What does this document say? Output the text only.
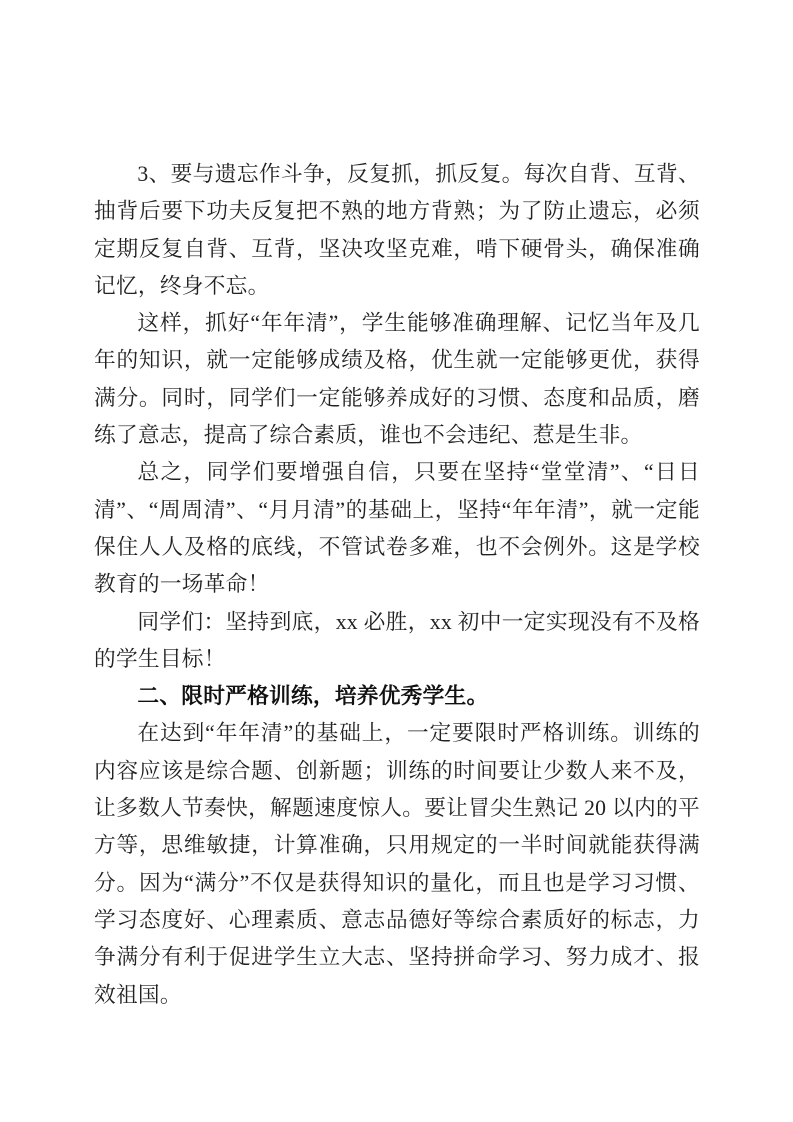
3、要与遗忘作斗争，反复抓，抓反复。每次自背、互背、抽背后要下功夫反复把不熟的地方背熟；为了防止遗忘，必须定期反复自背、互背，坚决攻坚克难，啃下硬骨头，确保准确记忆，终身不忘。

这样，抓好“年年清”，学生能够准确理解、记忆当年及几年的知识，就一定能够成绩及格，优生就一定能够更优，获得满分。同时，同学们一定能够养成好的习惯、态度和品质，磨练了意志，提高了综合素质，谁也不会违纪、惹是生非。

总之，同学们要增强自信，只要在坚持“堂堂清”、“日日清”、“周周清”、“月月清”的基础上，坚持“年年清”，就一定能保住人人及格的底线，不管试卷多难，也不会例外。这是学校教育的一场革命！

同学们：坚持到底，xx 必胜，xx 初中一定实现没有不及格的学生目标！

二、限时严格训练，培养优秀学生。

在达到“年年清”的基础上，一定要限时严格训练。训练的内容应该是综合题、创新题；训练的时间要让少数人来不及，让多数人节奏快，解题速度惊人。要让冒尖生熟记 20 以内的平方等，思维敏捷，计算准确，只用规定的一半时间就能获得满分。因为“满分”不仅是获得知识的量化，而且也是学习习惯、学习态度好、心理素质、意志品德好等综合素质好的标志，力争满分有利于促进学生立大志、坚持拼命学习、努力成才、报效祖国。
